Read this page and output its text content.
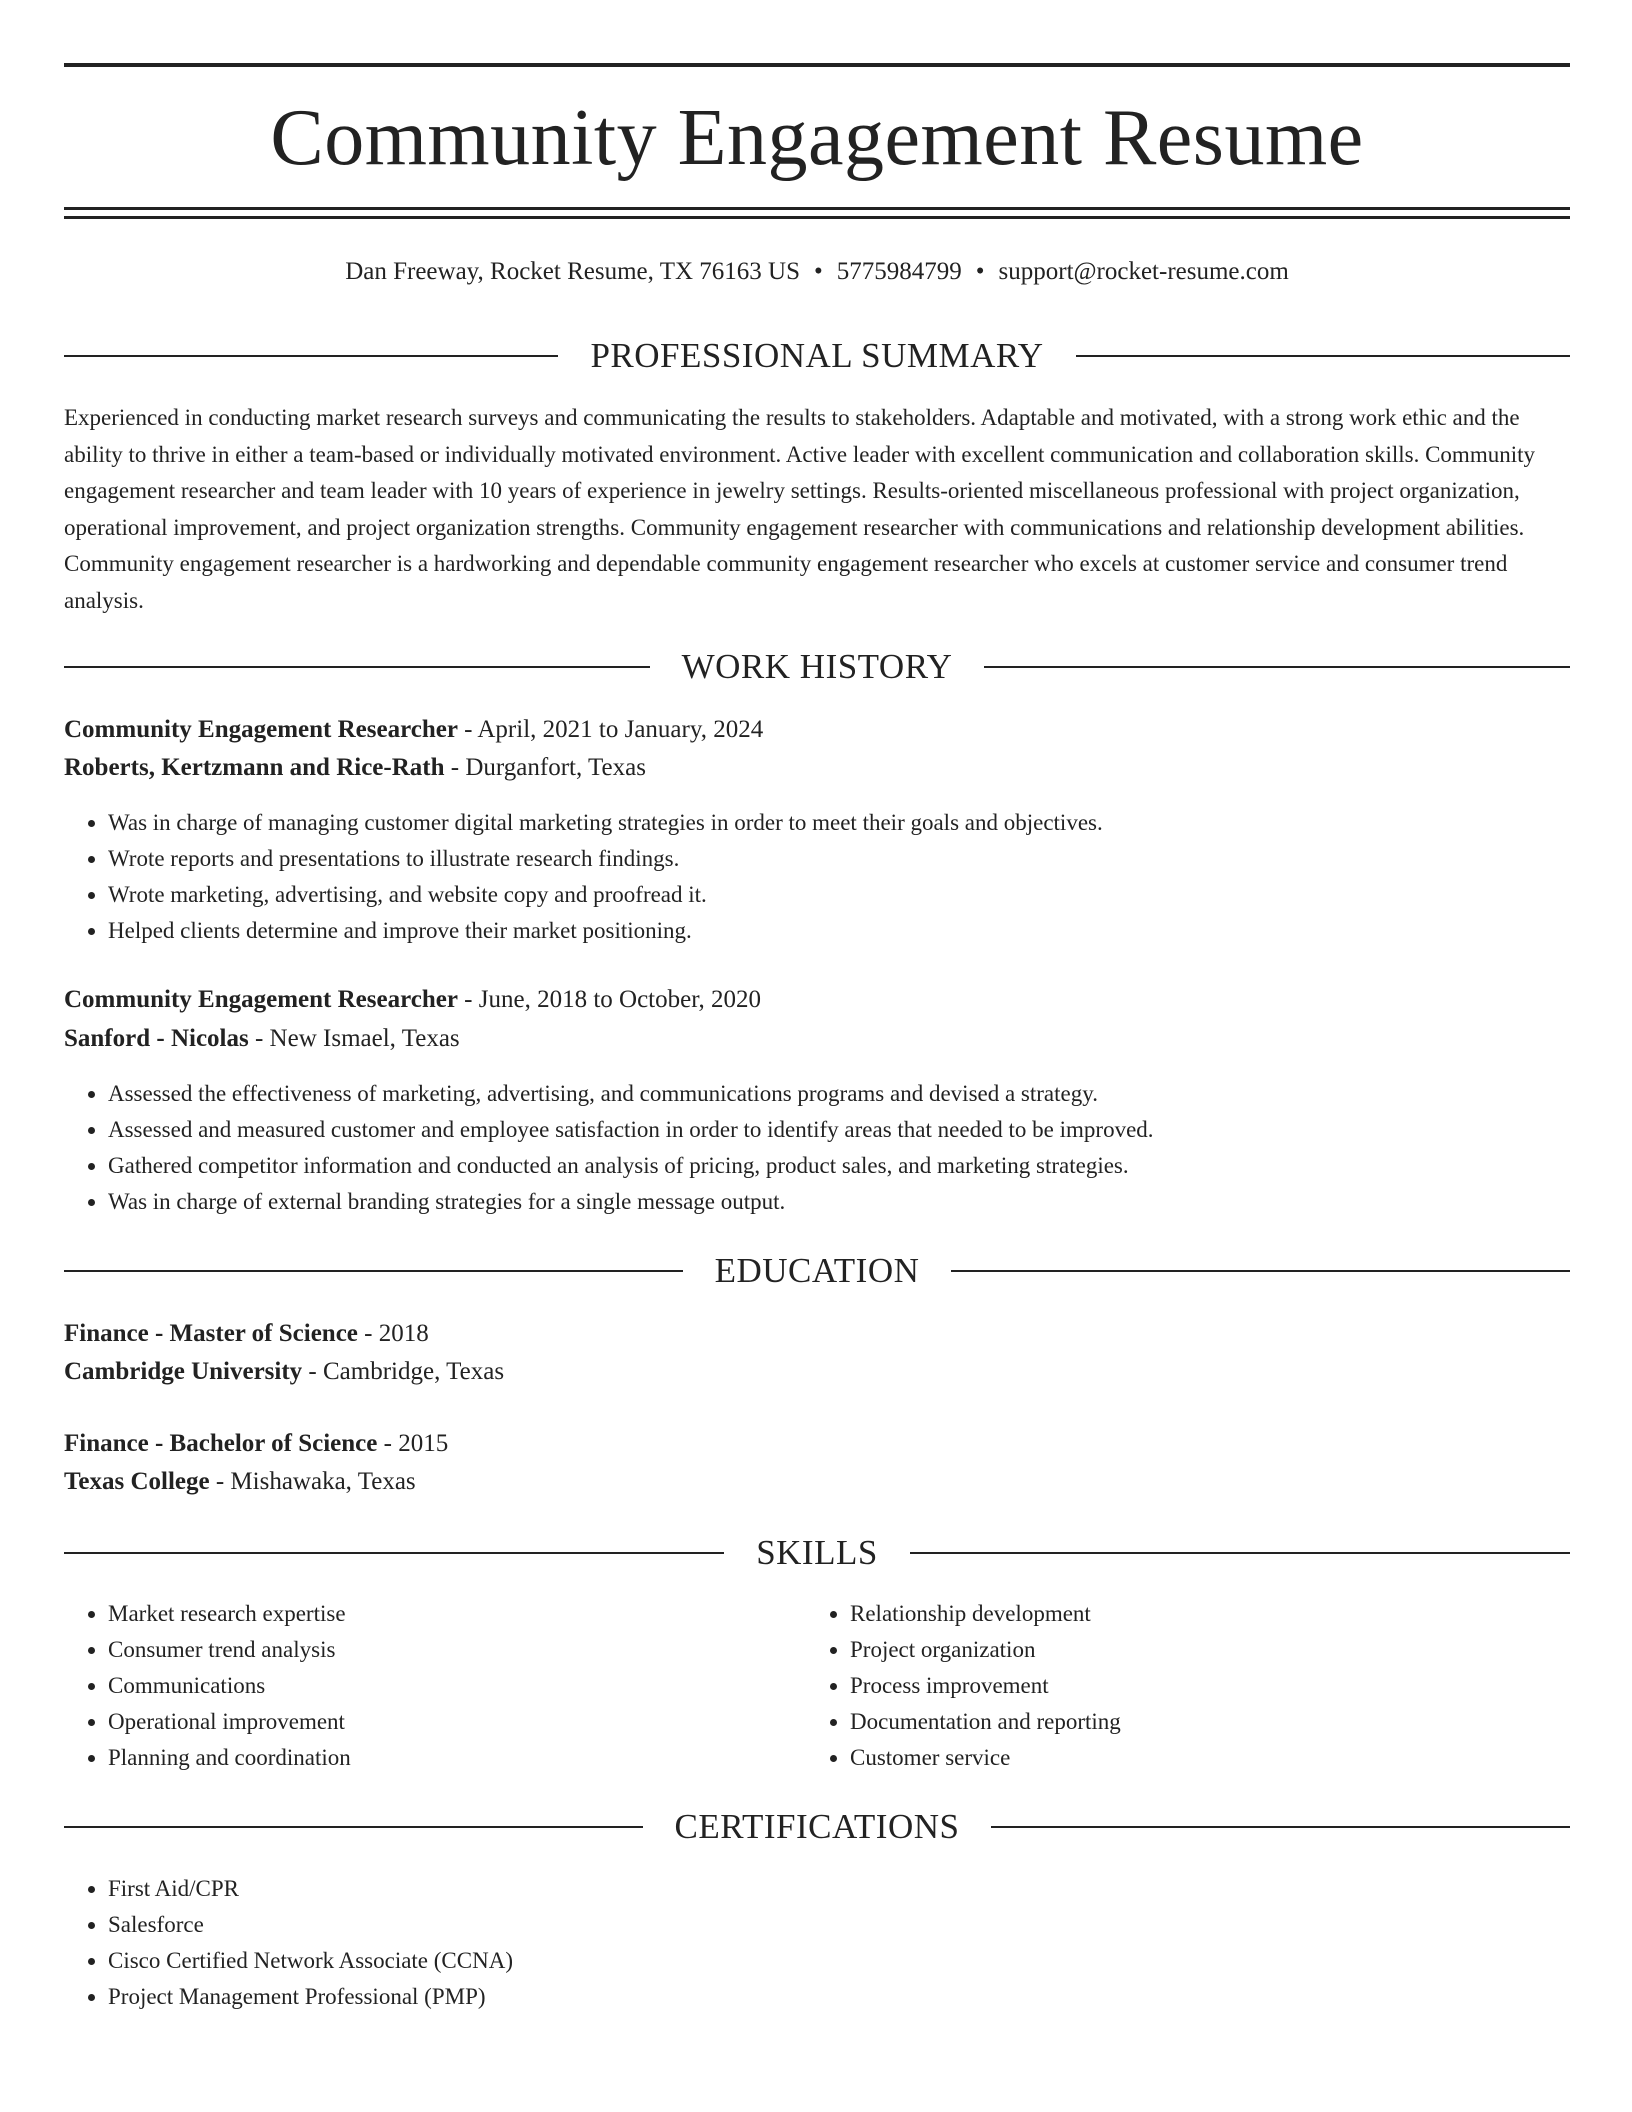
Community Engagement Resume
Dan Freeway, Rocket Resume, TX 76163 US • 5775984799 • support@rocket-resume.com
PROFESSIONAL SUMMARY

Experienced in conducting market research surveys and communicating the results to stakeholders. Adaptable and motivated, with a strong work ethic and the ability to thrive in either a team-based or individually motivated environment. Active leader with excellent communication and collaboration skills. Community engagement researcher and team leader with 10 years of experience in jewelry settings. Results-oriented miscellaneous professional with project organization, operational improvement, and project organization strengths. Community engagement researcher with communications and relationship development abilities. Community engagement researcher is a hardworking and dependable community engagement researcher who excels at customer service and consumer trend analysis.

WORK HISTORY
Community Engagement Researcher - April, 2021 to January, 2024
Roberts, Kertzmann and Rice-Rath - Durganfort, Texas
• Was in charge of managing customer digital marketing strategies in order to meet their goals and objectives.
• Wrote reports and presentations to illustrate research findings.
• Wrote marketing, advertising, and website copy and proofread it.
• Helped clients determine and improve their market positioning.
Community Engagement Researcher - June, 2018 to October, 2020
Sanford - Nicolas - New Ismael, Texas
• Assessed the effectiveness of marketing, advertising, and communications programs and devised a strategy.
• Assessed and measured customer and employee satisfaction in order to identify areas that needed to be improved.
• Gathered competitor information and conducted an analysis of pricing, product sales, and marketing strategies.
• Was in charge of external branding strategies for a single message output.
EDUCATION
Finance - Master of Science - 2018
Cambridge University - Cambridge, Texas
Finance - Bachelor of Science - 2015
Texas College - Mishawaka, Texas
SKILLS
• Market research expertise
• Consumer trend analysis
• Communications
• Operational improvement
• Planning and coordination
• Relationship development
• Project organization
• Process improvement
• Documentation and reporting
• Customer service
CERTIFICATIONS
• First Aid/CPR
• Salesforce
• Cisco Certified Network Associate (CCNA)
• Project Management Professional (PMP)
